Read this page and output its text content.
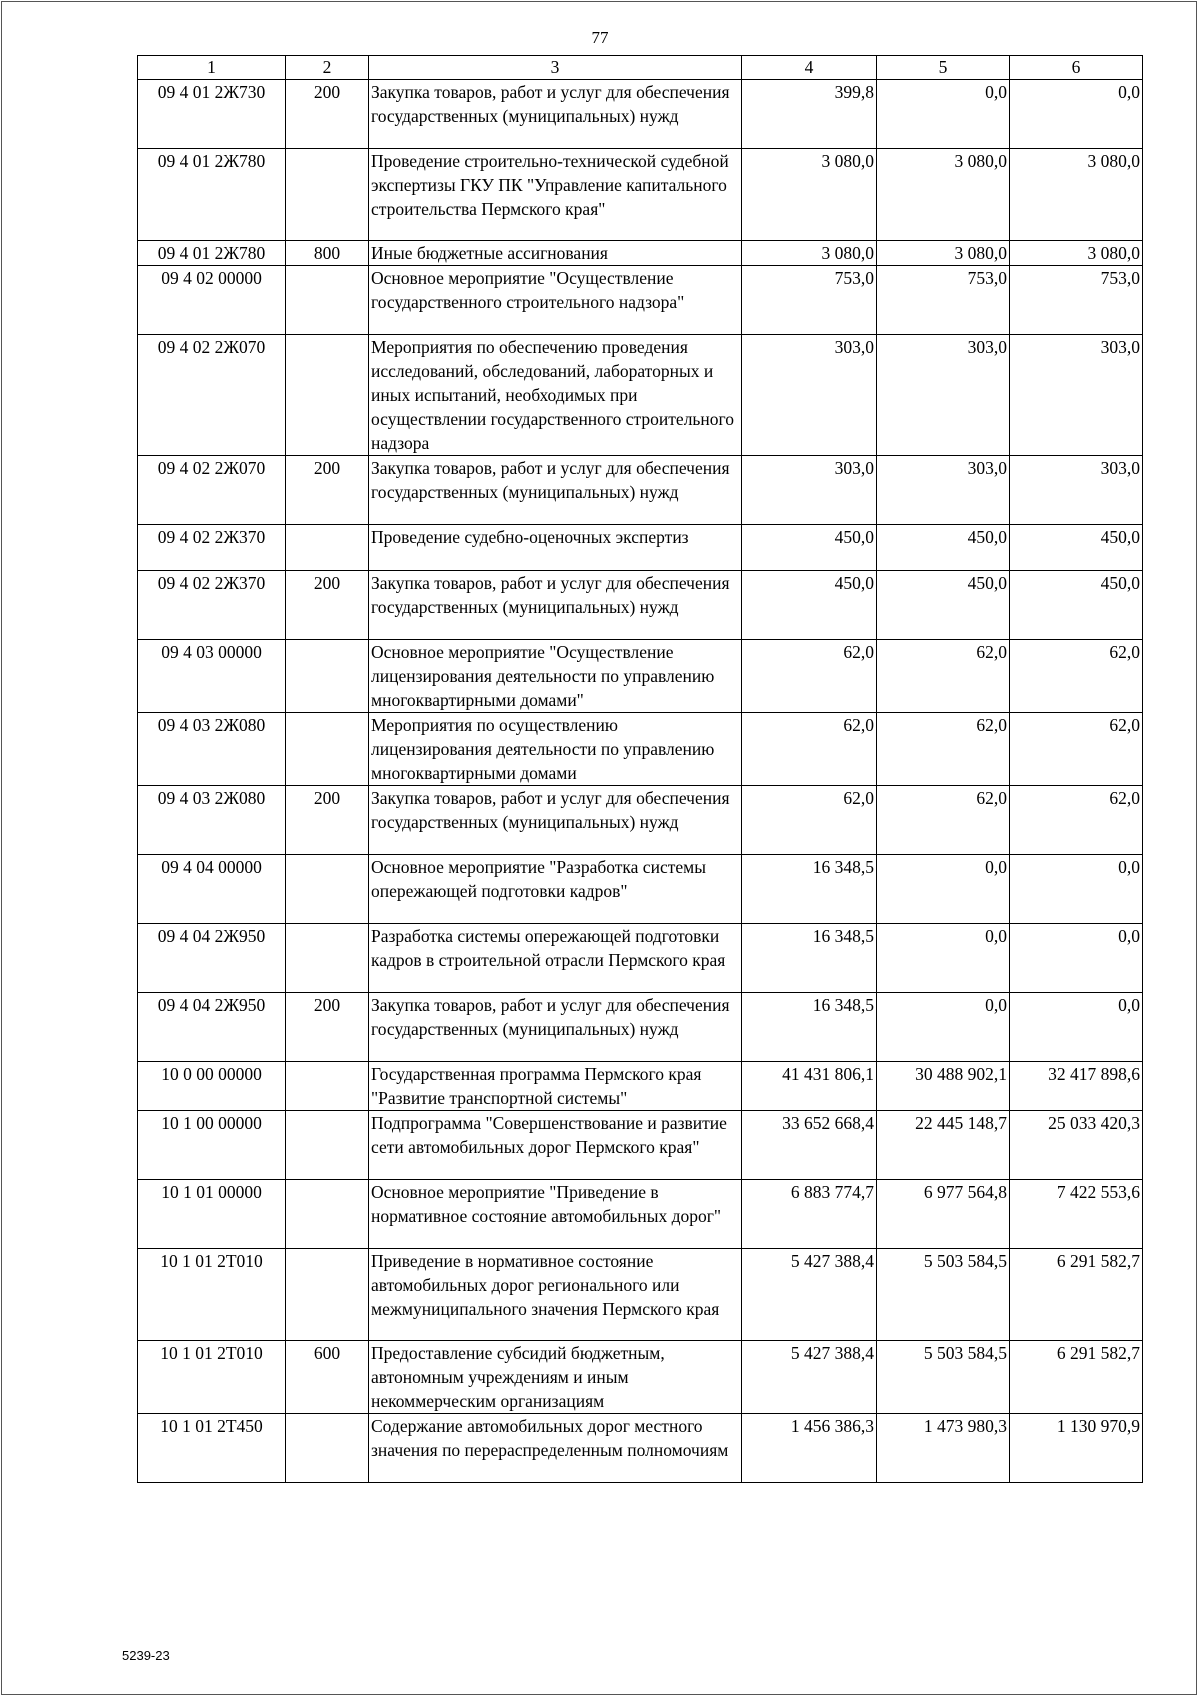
77
1	2	3	4	5	6
09 4 01 2Ж730	200	Закупка товаров, работ и услуг для обеспечения государственных (муниципальных) нужд	399,8	0,0	0,0
09 4 01 2Ж780		Проведение строительно-технической судебной экспертизы ГКУ ПК "Управление капитального строительства Пермского края"	3 080,0	3 080,0	3 080,0
09 4 01 2Ж780	800	Иные бюджетные ассигнования	3 080,0	3 080,0	3 080,0
09 4 02 00000		Основное мероприятие "Осуществление государственного строительного надзора"	753,0	753,0	753,0
09 4 02 2Ж070		Мероприятия по обеспечению проведения исследований, обследований, лабораторных и иных испытаний, необходимых при осуществлении государственного строительного надзора	303,0	303,0	303,0
09 4 02 2Ж070	200	Закупка товаров, работ и услуг для обеспечения государственных (муниципальных) нужд	303,0	303,0	303,0
09 4 02 2Ж370		Проведение судебно-оценочных экспертиз	450,0	450,0	450,0
09 4 02 2Ж370	200	Закупка товаров, работ и услуг для обеспечения государственных (муниципальных) нужд	450,0	450,0	450,0
09 4 03 00000		Основное мероприятие "Осуществление лицензирования деятельности по управлению многоквартирными домами"	62,0	62,0	62,0
09 4 03 2Ж080		Мероприятия по осуществлению лицензирования деятельности по управлению многоквартирными домами	62,0	62,0	62,0
09 4 03 2Ж080	200	Закупка товаров, работ и услуг для обеспечения государственных (муниципальных) нужд	62,0	62,0	62,0
09 4 04 00000		Основное мероприятие "Разработка системы опережающей подготовки кадров"	16 348,5	0,0	0,0
09 4 04 2Ж950		Разработка системы опережающей подготовки кадров в строительной отрасли Пермского края	16 348,5	0,0	0,0
09 4 04 2Ж950	200	Закупка товаров, работ и услуг для обеспечения государственных (муниципальных) нужд	16 348,5	0,0	0,0
10 0 00 00000		Государственная программа Пермского края "Развитие транспортной системы"	41 431 806,1	30 488 902,1	32 417 898,6
10 1 00 00000		Подпрограмма "Совершенствование и развитие сети автомобильных дорог Пермского края"	33 652 668,4	22 445 148,7	25 033 420,3
10 1 01 00000		Основное мероприятие "Приведение в нормативное состояние автомобильных дорог"	6 883 774,7	6 977 564,8	7 422 553,6
10 1 01 2Т010		Приведение в нормативное состояние автомобильных дорог регионального или межмуниципального значения Пермского края	5 427 388,4	5 503 584,5	6 291 582,7
10 1 01 2Т010	600	Предоставление субсидий бюджетным, автономным учреждениям и иным некоммерческим организациям	5 427 388,4	5 503 584,5	6 291 582,7
10 1 01 2Т450		Содержание автомобильных дорог местного значения по перераспределенным полномочиям	1 456 386,3	1 473 980,3	1 130 970,9
5239-23
